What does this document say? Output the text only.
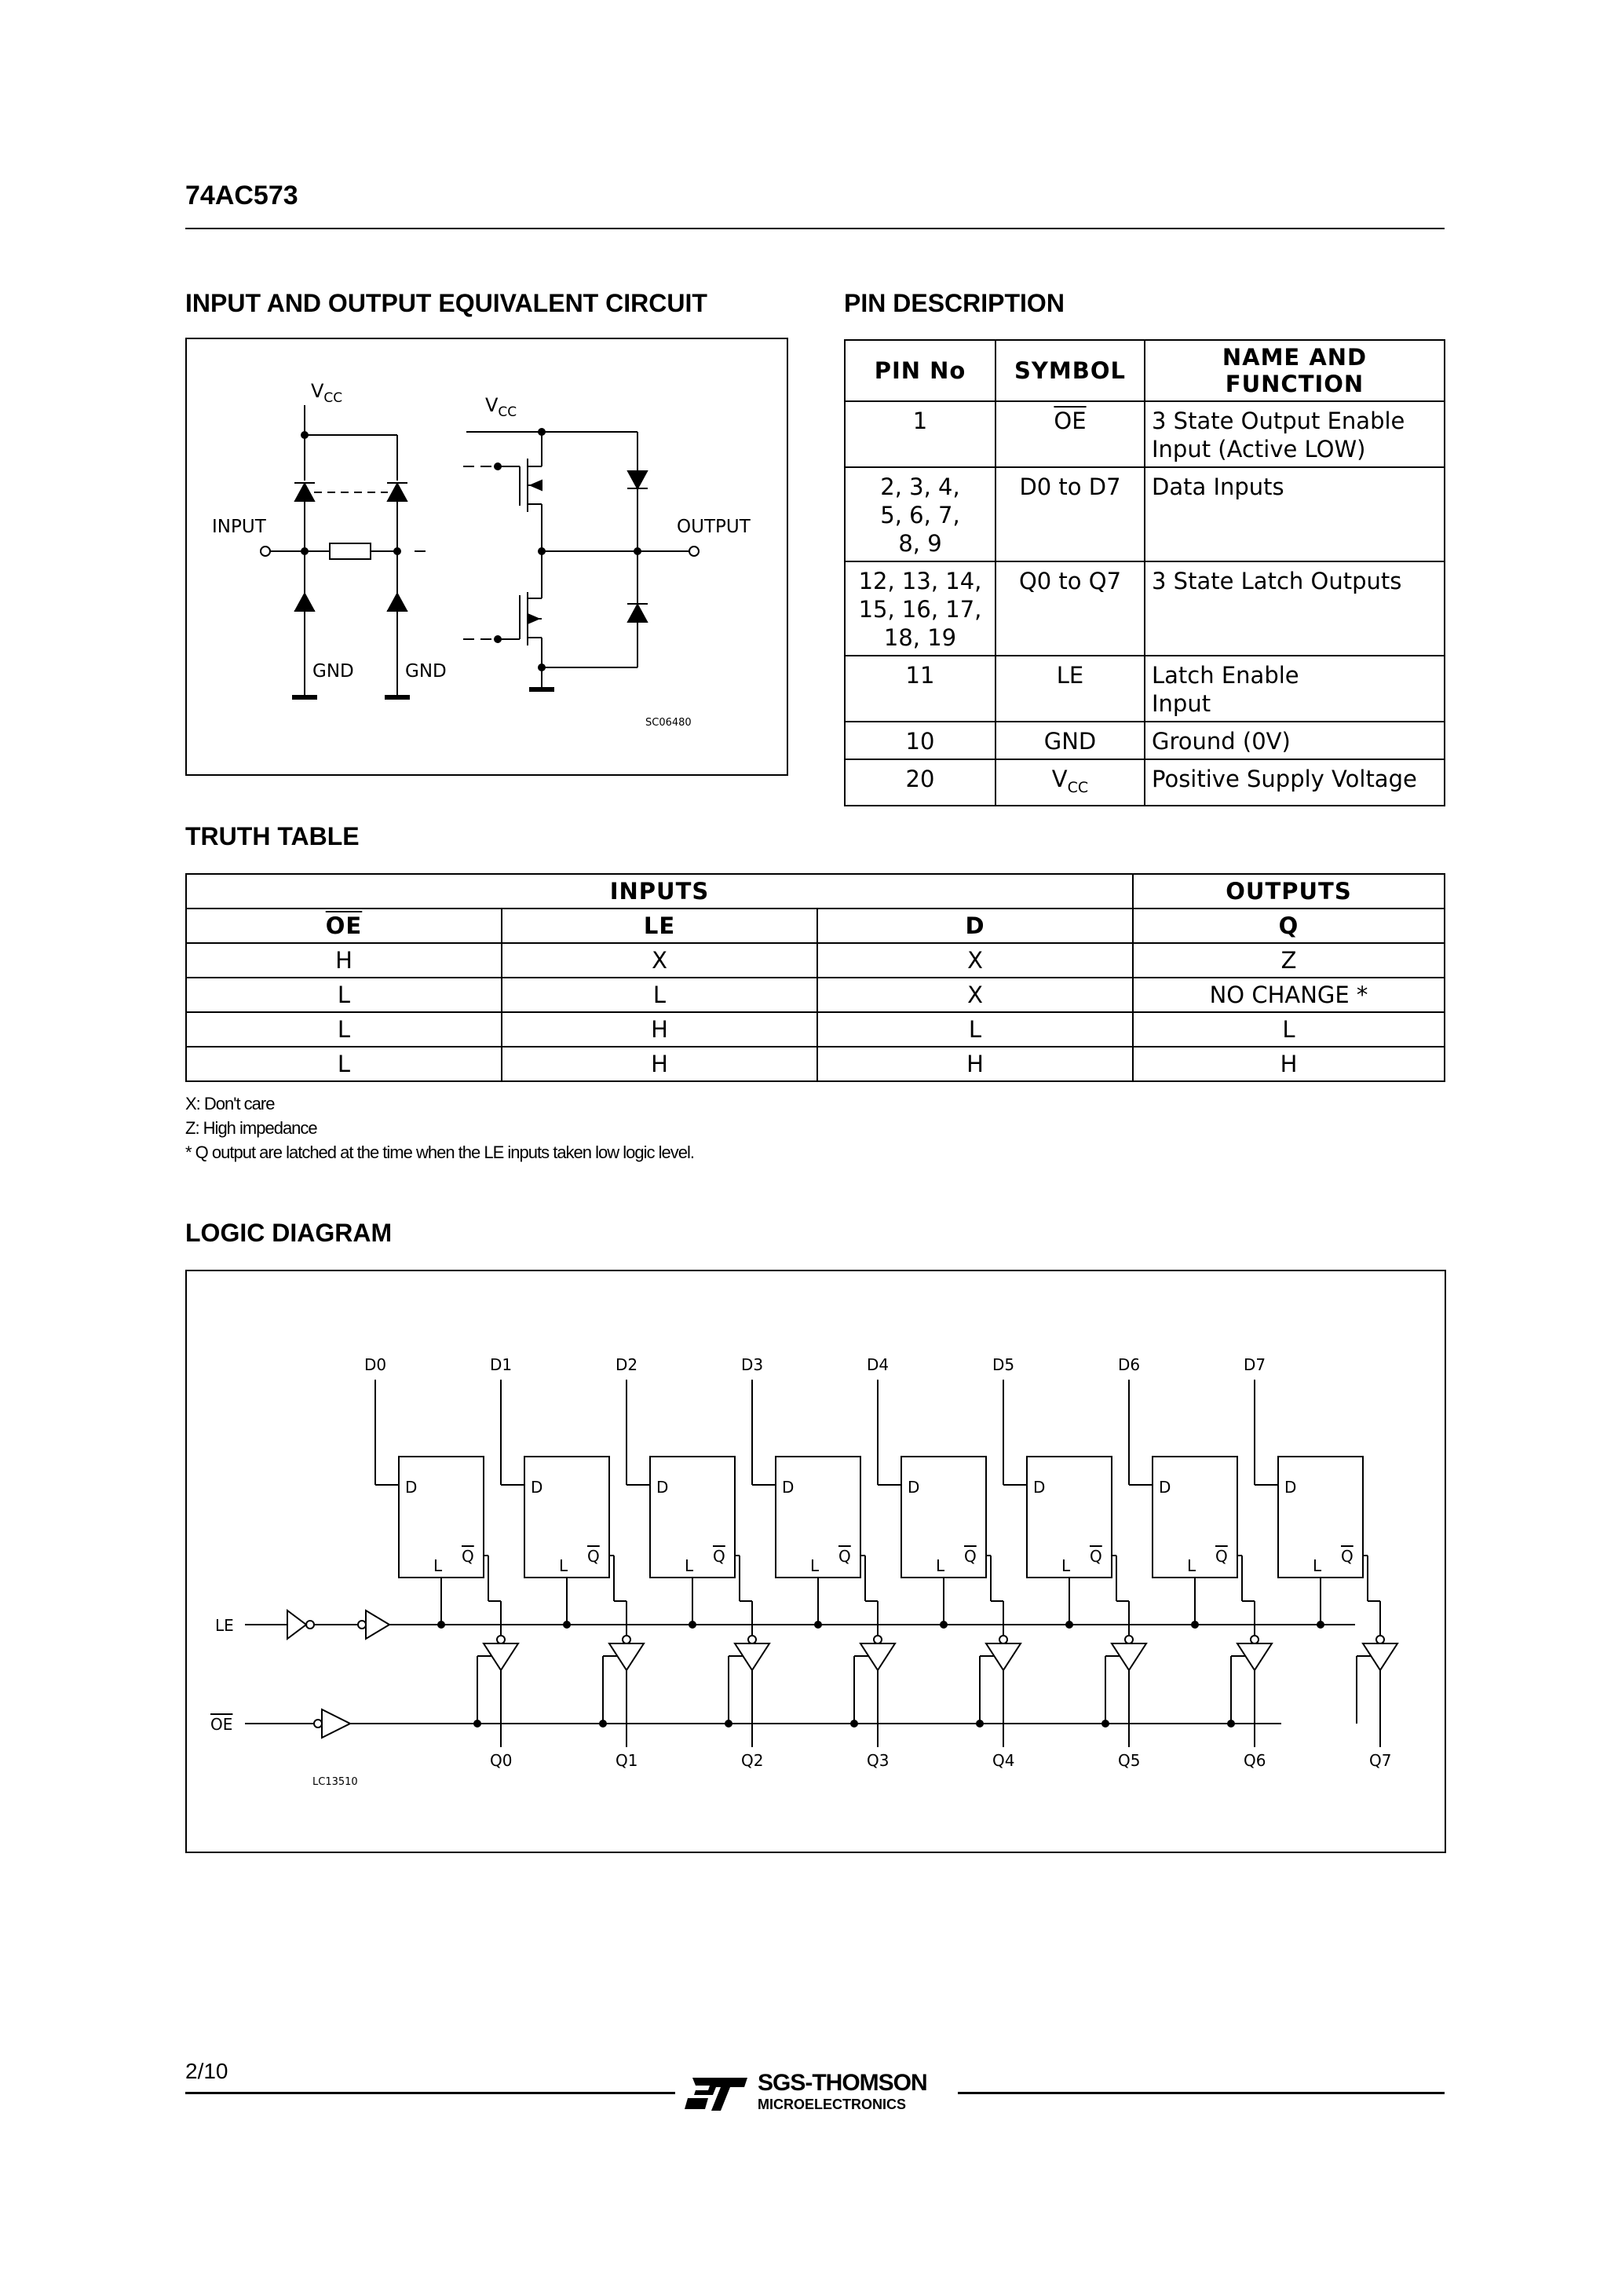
74AC573
INPUT AND OUTPUT EQUIVALENT CIRCUIT	PIN DESCRIPTION
TRUTH TABLE
LOGIC DIAGRAM
$V_{CC}$	$V_{CC}$
INPUT	OUTPUT
GND	GND
SC06480
PIN No	SYMBOL	NAME AND FUNCTION
1	$\overline{OE}$	3 State Output Enable
Input (Active LOW)

2, 3, 4,
5, 6, 7,
8, 9	D0 to D7	Data Inputs

12, 13, 14,
15, 16, 17,
18, 19	Q0 to Q7	3 State Latch Outputs
11	LE	Latch Enable
Input

10	GND	Ground (0V)
20	$V_{CC}$	Positive Supply Voltage
INPUTS			OUTPUTS
$\overline{OE}$	LE	D	Q
H	X	X	Z
L	L	X	NO CHANGE *
L	H	L	L
L	H	H	H
X: Don't care
Z: High impedance
* Q output are latched at the time when the LE inputs taken low logic level.
D0
D
L Q
Q0
D1
D
L Q
Q1
D2
D
L Q
Q2
D3
D
L Q
Q3
D4
D
L Q
Q4
D5
D
L Q
Q5
D6
D
L Q
Q6
D7
D
L Q
Q7
LE
OE
LC13510
2/10	SGS-THOMSON
MICROELECTRONICS
